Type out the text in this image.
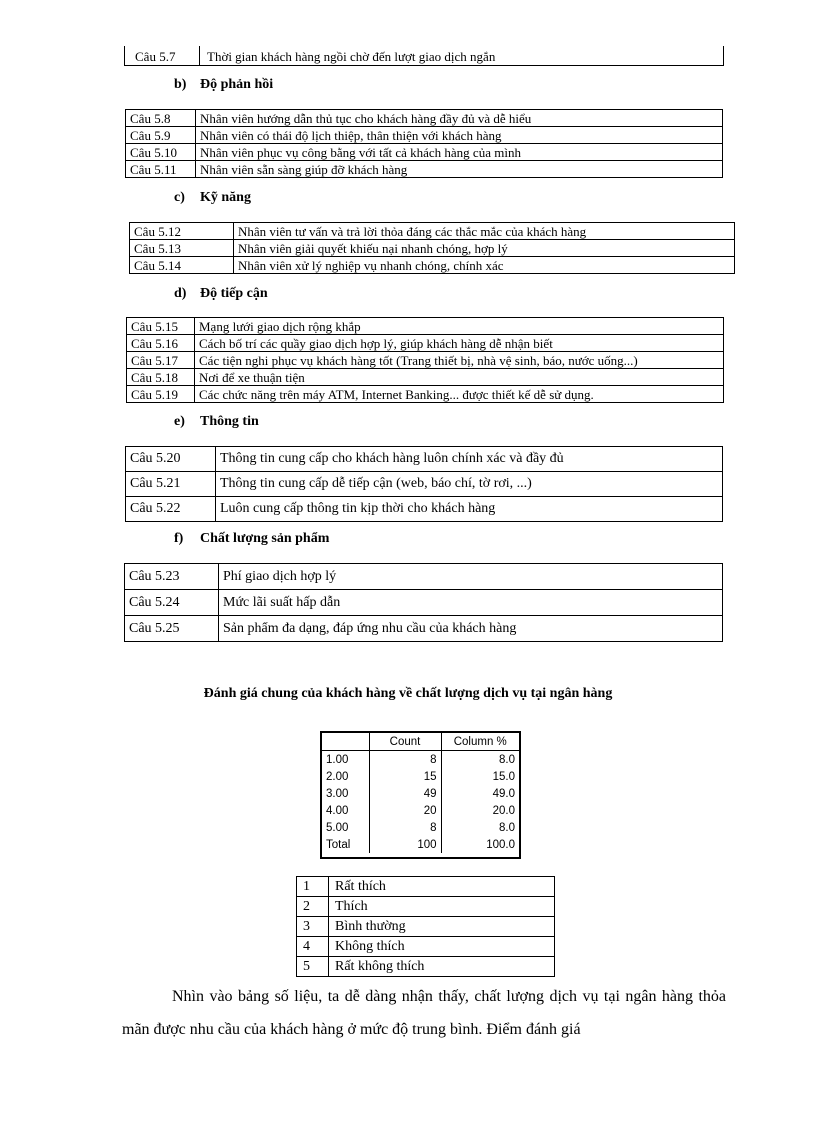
Câu 5.7 Thời gian khách hàng ngồi chờ đến lượt giao dịch ngắn
b) Độ phản hồi
Câu 5.8	Nhân viên hướng dẫn thủ tục cho khách hàng đầy đủ và dễ hiểu
Câu 5.9	Nhân viên có thái độ lịch thiệp, thân thiện với khách hàng
Câu 5.10	Nhân viên phục vụ công bằng với tất cả khách hàng của mình
Câu 5.11	Nhân viên sẵn sàng giúp đỡ khách hàng
c) Kỹ năng
Câu 5.12	Nhân viên tư vấn và trả lời thỏa đáng các thắc mắc của khách hàng
Câu 5.13	Nhân viên giải quyết khiếu nại nhanh chóng, hợp lý
Câu 5.14	Nhân viên xử lý nghiệp vụ nhanh chóng, chính xác
d) Độ tiếp cận
Câu 5.15	Mạng lưới giao dịch rộng khắp
Câu 5.16	Cách bố trí các quầy giao dịch hợp lý, giúp khách hàng dễ nhận biết
Câu 5.17	Các tiện nghi phục vụ khách hàng tốt (Trang thiết bị, nhà vệ sinh, báo, nước uống...)
Câu 5.18	Nơi để xe thuận tiện
Câu 5.19	Các chức năng trên máy ATM, Internet Banking... được thiết kế dễ sử dụng.
e) Thông tin
Câu 5.20	Thông tin cung cấp cho khách hàng luôn chính xác và đầy đủ
Câu 5.21	Thông tin cung cấp dễ tiếp cận (web, báo chí, tờ rơi, ...)
Câu 5.22	Luôn cung cấp thông tin kịp thời cho khách hàng
f) Chất lượng sản phẩm
Câu 5.23	Phí giao dịch hợp lý
Câu 5.24	Mức lãi suất hấp dẫn
Câu 5.25	Sản phẩm đa dạng, đáp ứng nhu cầu của khách hàng
Đánh giá chung của khách hàng về chất lượng dịch vụ tại ngân hàng
	Count	Column %
1.00	8	8.0
2.00	15	15.0
3.00	49	49.0
4.00	20	20.0
5.00	8	8.0
Total	100	100.0
1	Rất thích
2	Thích
3	Bình thường
4	Không thích
5	Rất không thích
Nhìn vào bảng số liệu, ta dễ dàng nhận thấy, chất lượng dịch vụ tại ngân hàng thỏa mãn được nhu cầu của khách hàng ở mức độ trung bình. Điểm đánh giá
